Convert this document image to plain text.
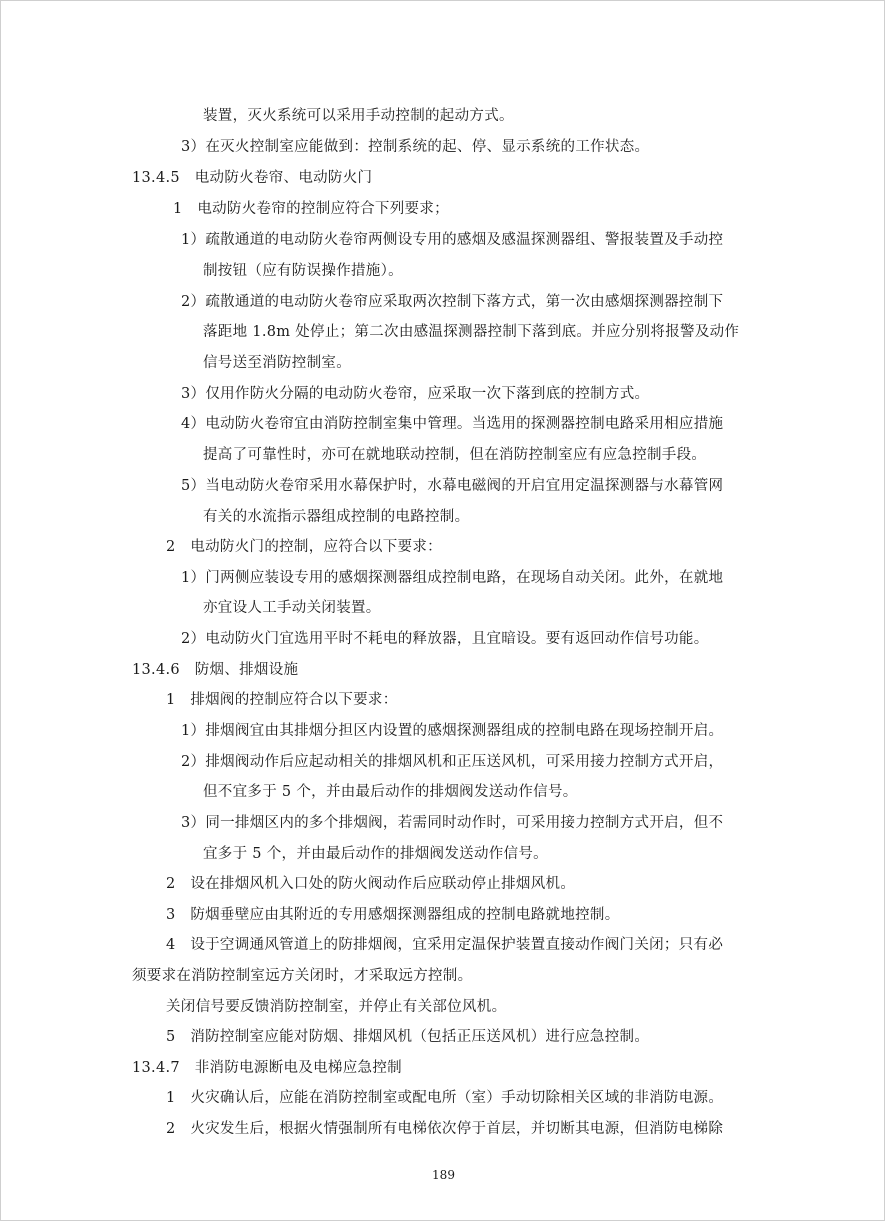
装置，灭火系统可以采用手动控制的起动方式。
3）在灭火控制室应能做到：控制系统的起、停、显示系统的工作状态。
13.4.5　电动防火卷帘、电动防火门
1　电动防火卷帘的控制应符合下列要求；
1）疏散通道的电动防火卷帘两侧设专用的感烟及感温探测器组、警报装置及手动控
制按钮（应有防误操作措施）。
2）疏散通道的电动防火卷帘应采取两次控制下落方式，第一次由感烟探测器控制下
落距地 1.8m 处停止；第二次由感温探测器控制下落到底。并应分别将报警及动作
信号送至消防控制室。
3）仅用作防火分隔的电动防火卷帘，应采取一次下落到底的控制方式。
4）电动防火卷帘宜由消防控制室集中管理。当选用的探测器控制电路采用相应措施
提高了可靠性时，亦可在就地联动控制，但在消防控制室应有应急控制手段。
5）当电动防火卷帘采用水幕保护时，水幕电磁阀的开启宜用定温探测器与水幕管网
有关的水流指示器组成控制的电路控制。
2　电动防火门的控制，应符合以下要求：
1）门两侧应装设专用的感烟探测器组成控制电路，在现场自动关闭。此外，在就地
亦宜设人工手动关闭装置。
2）电动防火门宜选用平时不耗电的释放器，且宜暗设。要有返回动作信号功能。
13.4.6　防烟、排烟设施
1　排烟阀的控制应符合以下要求：
1）排烟阀宜由其排烟分担区内设置的感烟探测器组成的控制电路在现场控制开启。
2）排烟阀动作后应起动相关的排烟风机和正压送风机，可采用接力控制方式开启，
但不宜多于 5 个，并由最后动作的排烟阀发送动作信号。
3）同一排烟区内的多个排烟阀，若需同时动作时，可采用接力控制方式开启，但不
宜多于 5 个，并由最后动作的排烟阀发送动作信号。
2　设在排烟风机入口处的防火阀动作后应联动停止排烟风机。
3　防烟垂壁应由其附近的专用感烟探测器组成的控制电路就地控制。
4　设于空调通风管道上的防排烟阀，宜采用定温保护装置直接动作阀门关闭；只有必
须要求在消防控制室远方关闭时，才采取远方控制。
关闭信号要反馈消防控制室，并停止有关部位风机。
5　消防控制室应能对防烟、排烟风机（包括正压送风机）进行应急控制。
13.4.7　非消防电源断电及电梯应急控制
1　火灾确认后，应能在消防控制室或配电所（室）手动切除相关区域的非消防电源。
2　火灾发生后，根据火情强制所有电梯依次停于首层，并切断其电源，但消防电梯除
189
